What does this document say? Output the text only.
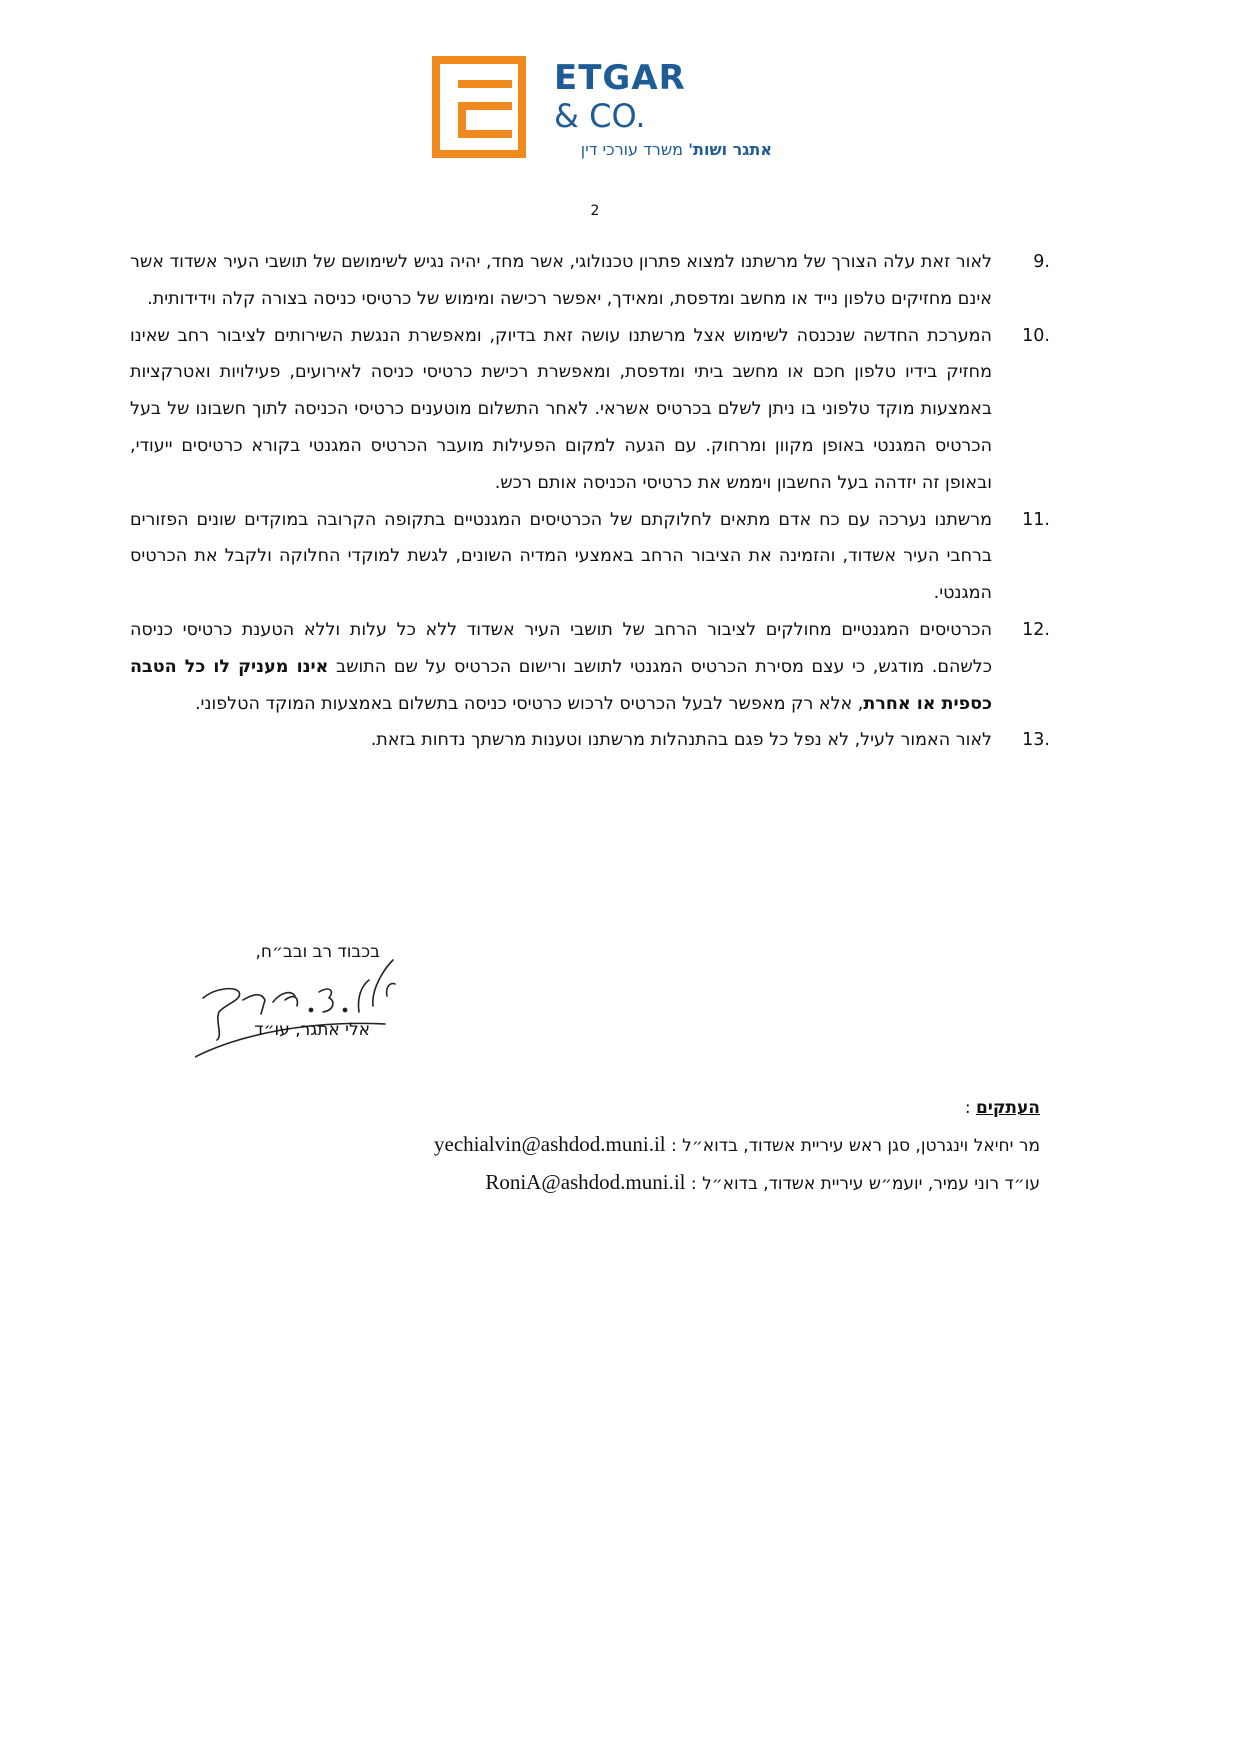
ETGAR
& CO.
אתגר ושות' משרד עורכי דין
2
9.
לאור זאת עלה הצורך של מרשתנו למצוא פתרון טכנולוגי, אשר מחד, יהיה נגיש לשימושם של תושבי העיר אשדוד אשר אינם מחזיקים טלפון נייד או מחשב ומדפסת, ומאידך, יאפשר רכישה ומימוש של כרטיסי כניסה בצורה קלה וידידותית.
10.
המערכת החדשה שנכנסה לשימוש אצל מרשתנו עושה זאת בדיוק, ומאפשרת הנגשת השירותים לציבור רחב שאינו מחזיק בידיו טלפון חכם או מחשב ביתי ומדפסת, ומאפשרת רכישת כרטיסי כניסה לאירועים, פעילויות ואטרקציות באמצעות מוקד טלפוני בו ניתן לשלם בכרטיס אשראי. לאחר התשלום מוטענים כרטיסי הכניסה לתוך חשבונו של בעל הכרטיס המגנטי באופן מקוון ומרחוק. עם הגעה למקום הפעילות מועבר הכרטיס המגנטי בקורא כרטיסים ייעודי, ובאופן זה יזדהה בעל החשבון ויממש את כרטיסי הכניסה אותם רכש.
11.
מרשתנו נערכה עם כח אדם מתאים לחלוקתם של הכרטיסים המגנטיים בתקופה הקרובה במוקדים שונים הפזורים ברחבי העיר אשדוד, והזמינה את הציבור הרחב באמצעי המדיה השונים, לגשת למוקדי החלוקה ולקבל את הכרטיס המגנטי.
12.
הכרטיסים המגנטיים מחולקים לציבור הרחב של תושבי העיר אשדוד ללא כל עלות וללא הטענת כרטיסי כניסה כלשהם. מודגש, כי עצם מסירת הכרטיס המגנטי לתושב ורישום הכרטיס על שם התושב אינו מעניק לו כל הטבה כספית או אחרת, אלא רק מאפשר לבעל הכרטיס לרכוש כרטיסי כניסה בתשלום באמצעות המוקד הטלפוני.
13.
לאור האמור לעיל, לא נפל כל פגם בהתנהלות מרשתנו וטענות מרשתך נדחות בזאת.
בכבוד רב ובב״ח,
אלי אתגר, עו״ד
העתקים :
מר יחיאל וינגרטן, סגן ראש עיריית אשדוד, בדוא״ל : yechialvin@ashdod.muni.il
עו״ד רוני עמיר, יועמ״ש עיריית אשדוד, בדוא״ל : RoniA@ashdod.muni.il
